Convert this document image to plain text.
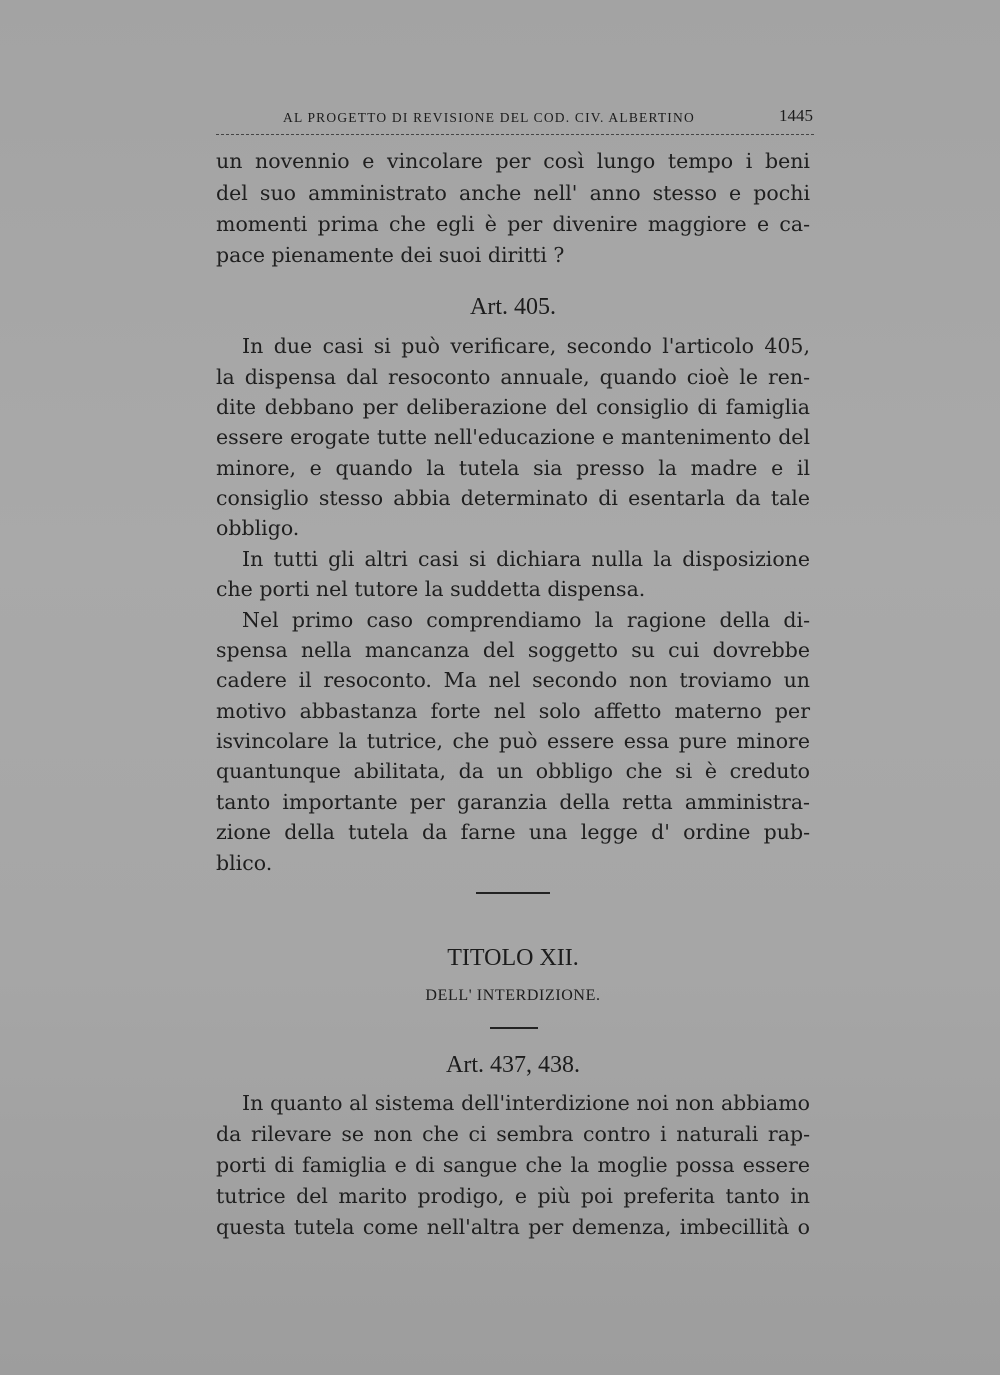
AL PROGETTO DI REVISIONE DEL COD. CIV. ALBERTINO	1445
un novennio e vincolare per così lungo tempo i beni
del suo amministrato anche nell' anno stesso e pochi
momenti prima che egli è per divenire maggiore e ca-
pace pienamente dei suoi diritti ?
Art. 405.
In due casi si può verificare, secondo l'articolo 405,
la dispensa dal resoconto annuale, quando cioè le ren-
dite debbano per deliberazione del consiglio di famiglia
essere erogate tutte nell'educazione e mantenimento del
minore, e quando la tutela sia presso la madre e il
consiglio stesso abbia determinato di esentarla da tale
obbligo.
In tutti gli altri casi si dichiara nulla la disposizione
che porti nel tutore la suddetta dispensa.
Nel primo caso comprendiamo la ragione della di-
spensa nella mancanza del soggetto su cui dovrebbe
cadere il resoconto. Ma nel secondo non troviamo un
motivo abbastanza forte nel solo affetto materno per
isvincolare la tutrice, che può essere essa pure minore
quantunque abilitata, da un obbligo che si è creduto
tanto importante per garanzia della retta amministra-
zione della tutela da farne una legge d' ordine pub-
blico.
TITOLO XII.
DELL' INTERDIZIONE.
Art. 437, 438.
In quanto al sistema dell'interdizione noi non abbiamo
da rilevare se non che ci sembra contro i naturali rap-
porti di famiglia e di sangue che la moglie possa essere
tutrice del marito prodigo, e più poi preferita tanto in
questa tutela come nell'altra per demenza, imbecillità o
